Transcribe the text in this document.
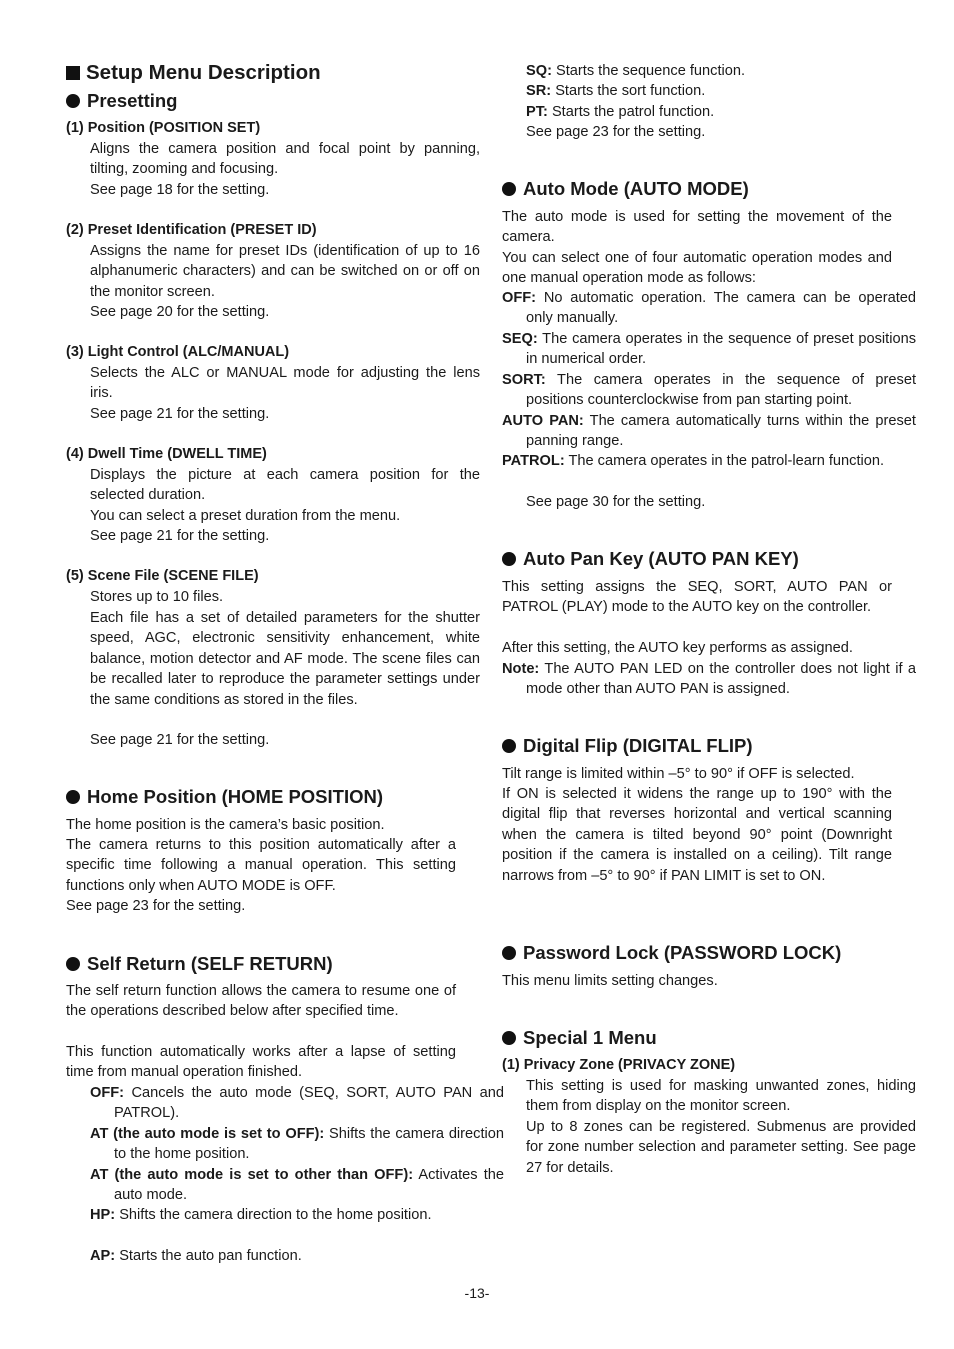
Setup Menu Description
Presetting
(1) Position (POSITION SET)
Aligns the camera position and focal point by panning, tilting, zooming and focusing.
See page 18 for the setting.
(2) Preset Identification (PRESET ID)
Assigns the name for preset IDs (identification of up to 16 alphanumeric characters) and can be switched on or off on the monitor screen.
See page 20 for the setting.
(3) Light Control (ALC/MANUAL)
Selects the ALC or MANUAL mode for adjusting the lens iris.
See page 21 for the setting.
(4) Dwell Time (DWELL TIME)
Displays the picture at each camera position for the selected duration.
You can select a preset duration from the menu.
See page 21 for the setting.
(5) Scene File (SCENE FILE)
Stores up to 10 files.
Each file has a set of detailed parameters for the shutter speed, AGC, electronic sensitivity enhancement, white balance, motion detector and AF mode. The scene files can be recalled later to reproduce the parameter settings under the same conditions as stored in the files.
See page 21 for the setting.
Home Position (HOME POSITION)
The home position is the camera’s basic position.
The camera returns to this position automatically after a specific time following a manual operation. This setting functions only when AUTO MODE is OFF.
See page 23 for the setting.
Self Return (SELF RETURN)
The self return function allows the camera to resume one of the operations described below after specified time.
This function automatically works after a lapse of setting time from manual operation finished.
OFF: Cancels the auto mode (SEQ, SORT, AUTO PAN and PATROL).
AT (the auto mode is set to OFF): Shifts the camera direction to the home position.
AT (the auto mode is set to other than OFF): Activates the auto mode.
HP: Shifts the camera direction to the home position.
AP: Starts the auto pan function.
SQ: Starts the sequence function.
SR: Starts the sort function.
PT: Starts the patrol function.
See page 23 for the setting.
Auto Mode (AUTO MODE)
The auto mode is used for setting the movement of the camera.
You can select one of four automatic operation modes and one manual operation mode as follows:
OFF: No automatic operation. The camera can be operated only manually.
SEQ: The camera operates in the sequence of preset positions in numerical order.
SORT: The camera operates in the sequence of preset positions counterclockwise from pan starting point.
AUTO PAN: The camera automatically turns within the preset panning range.
PATROL: The camera operates in the patrol-learn function.
See page 30 for the setting.
Auto Pan Key (AUTO PAN KEY)
This setting assigns the SEQ, SORT, AUTO PAN or PATROL (PLAY) mode to the AUTO key on the controller.
After this setting, the AUTO key performs as assigned.
Note: The AUTO PAN LED on the controller does not light if a mode other than AUTO PAN is assigned.
Digital Flip (DIGITAL FLIP)
Tilt range is limited within –5° to 90° if OFF is selected.
If ON is selected it widens the range up to 190° with the digital flip that reverses horizontal and vertical scanning when the camera is tilted beyond 90° point (Downright position if the camera is installed on a ceiling). Tilt range narrows from –5° to 90° if PAN LIMIT is set to ON.
Password Lock (PASSWORD LOCK)
This menu limits setting changes.
Special 1 Menu
(1) Privacy Zone (PRIVACY ZONE)
This setting is used for masking unwanted zones, hiding them from display on the monitor screen.
Up to 8 zones can be registered. Submenus are provided for zone number selection and parameter setting. See page 27 for details.
-13-
